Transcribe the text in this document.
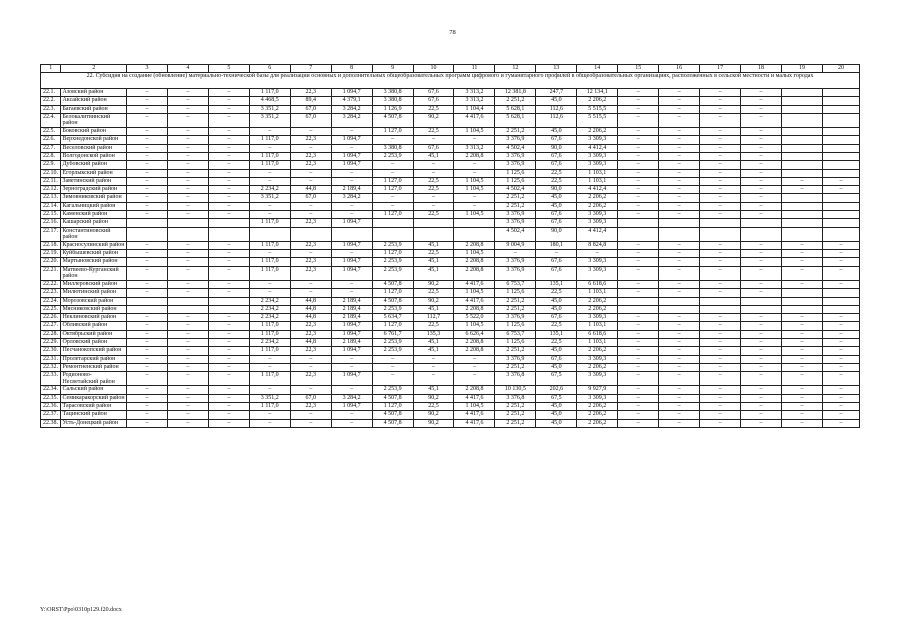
78
1	2	3	4	5	6	7	8	9	10	11	12	13	14	15	16	17	18	19	20
22. Субсидия на создание (обновление) материально-технической базы для реализации основных и дополнительных общеобразовательных программ цифрового и гуманитарного профилей в общеобразовательных организациях, расположенных в сельской местности и малых городах																			
22.1.	Азовский район	–	–	–	1 117,0	22,3	1 094,7	3 380,8	67,6	3 313,2	12 381,8	247,7	12 134,1	–	–	–	–		
22.2.	Аксайский район	–	–	–	4 468,5	89,4	4 379,1	3 380,8	67,6	3 313,2	2 251,2	45,0	2 206,2	–	–	–	–		
22.3.	Багаевский район	–	–	–	3 351,2	67,0	3 284,2	1 126,9	22,5	1 104,4	5 628,1	112,6	5 515,5	–	–	–	–		
22.4.	Белокалитвинский район	–	–	–	3 351,2	67,0	3 284,2	4 507,8	90,2	4 417,6	5 628,1	112,6	5 515,5	–	–	–	–		
22.5.	Боковский район	–	–	–	–	–	–	1 127,0	22,5	1 104,5	2 251,2	45,0	2 206,2	–	–	–	–		
22.6.	Верхнедонской район	–	–	–	1 117,0	22,3	1 094,7	–	–	–	3 376,9	67,6	3 309,3	–	–	–	–		
22.7.	Веселовский район	–	–	–	–	–	–	3 380,8	67,6	3 313,2	4 502,4	90,0	4 412,4	–	–	–	–		
22.8.	Волгодонской район	–	–	–	1 117,0	22,3	1 094,7	2 253,9	45,1	2 208,8	3 376,9	67,6	3 309,3	–	–	–	–		
22.9.	Дубовский район	–	–	–	1 117,0	22,3	1 094,7	–	–	–	3 376,9	67,6	3 309,3	–	–	–	–		
22.10.	Егорлыкский район	–	–	–	–	–	–	–	–	–	1 125,6	22,5	1 103,1	–	–	–	–		
22.11.	Заветинский район	–	–	–	–	–	–	1 127,0	22,5	1 104,5	1 125,6	22,5	1 103,1	–	–	–	–	–	–
22.12.	Зерноградский район	–	–	–	2 234,2	44,8	2 189,4	1 127,0	22,5	1 104,5	4 502,4	90,0	4 412,4	–	–	–	–	–	–
22.13.	Зимовниковский район	–	–	–	3 351,2	67,0	3 284,2	–	–	–	2 251,2	45,0	2 206,2	–	–	–	–		
22.14.	Кагальницкий район	–	–	–	–	–	–	–	–	–	2 251,2	45,0	2 206,2	–	–	–	–		
22.15.	Каменский район	–	–	–	–	–	–	1 127,0	22,5	1 104,5	3 376,9	67,6	3 309,3	–	–	–	–		
22.16.	Кашарский район				1 117,0	22,3	1 094,7				3 376,9	67,6	3 309,3						
22.17.	Константиновский район										4 502,4	90,0	4 412,4						
22.18.	Красносулинский район	–	–	–	1 117,0	22,3	1 094,7	2 253,9	45,1	2 208,8	9 004,9	180,1	8 824,8	–	–	–	–	–	–
22.19.	Куйбышевский район	–	–	–	–	–	–	1 127,0	22,5	1 104,5	–	–	–	–	–	–	–	–	–
22.20.	Мартыновский район	–	–	–	1 117,0	22,3	1 094,7	2 253,9	45,1	2 208,8	3 376,9	67,6	3 309,3	–	–	–	–	–	–
22.21.	Матвеево-Курганский район	–	–	–	1 117,0	22,3	1 094,7	2 253,9	45,1	2 208,8	3 376,9	67,6	3 309,3	–	–	–	–	–	–
22.22.	Миллеровский район	–	–	–	–	–	–	4 507,8	90,2	4 417,6	6 753,7	135,1	6 618,6	–	–	–	–	–	–
22.23.	Милютинский район	–	–	–	–	–	–	1 127,0	22,5	1 104,5	1 125,6	22,5	1 103,1	–	–	–	–		
22.24.	Морозовский район				2 234,2	44,8	2 189,4	4 507,8	90,2	4 417,6	2 251,2	45,0	2 206,2						
22.25.	Мясниковский район				2 234,2	44,8	2 189,4	2 253,9	45,1	2 208,8	2 251,2	45,0	2 206,2						
22.26.	Неклиновский район	–	–	–	2 234,2	44,8	2 189,4	5 634,7	112,7	5 522,0	3 376,9	67,6	3 309,3	–	–	–	–	–	–
22.27.	Обливский район	–	–	–	1 117,0	22,3	1 094,7	1 127,0	22,5	1 104,5	1 125,6	22,5	1 103,1	–	–	–	–	–	–
22.28.	Октябрьский район	–	–	–	1 117,0	22,3	1 094,7	6 761,7	135,3	6 626,4	6 753,7	135,1	6 618,6	–	–	–	–	–	–
22.29.	Орловский район	–	–	–	2 234,2	44,8	2 189,4	2 253,9	45,1	2 208,8	1 125,6	22,5	1 103,1	–	–	–	–	–	–
22.30.	Песчанокопский район	–	–	–	1 117,0	22,3	1 094,7	2 253,9	45,1	2 208,8	2 251,2	45,0	2 206,2	–	–	–	–	–	–
22.31.	Пролетарский район	–	–	–	–	–	–	–	–	–	3 376,9	67,6	3 309,3	–	–	–	–	–	–
22.32.	Ремонтненский район	–	–	–	–	–	–	–	–	–	2 251,2	45,0	2 206,2	–	–	–	–	–	–
22.33.	Родионово-Несветайский район	–	–	–	1 117,0	22,3	1 094,7	–	–	–	3 376,8	67,5	3 309,3	–	–	–	–	–	–
22.34.	Сальский район	–	–	–	–	–	–	2 253,9	45,1	2 208,8	10 130,5	202,6	9 927,9	–	–	–	–	–	–
22.35.	Семикаракорский район	–	–	–	3 351,2	67,0	3 284,2	4 507,8	90,2	4 417,6	3 376,8	67,5	3 309,3	–	–	–	–	–	–
22.36.	Тарасовский район	–	–	–	1 117,0	22,3	1 094,7	1 127,0	22,5	1 104,5	2 251,2	45,0	2 206,2	–	–	–	–	–	–
22.37.	Тацинский район	–	–	–	–	–	–	4 507,8	90,2	4 417,6	2 251,2	45,0	2 206,2	–	–	–	–	–	–
22.38.	Усть-Донецкий район	–	–	–	–	–	–	4 507,8	90,2	4 417,6	2 251,2	45,0	2 206,2	–	–	–	–	–	–
Y:\ORST\Ppo\0310p129.f20.docx
